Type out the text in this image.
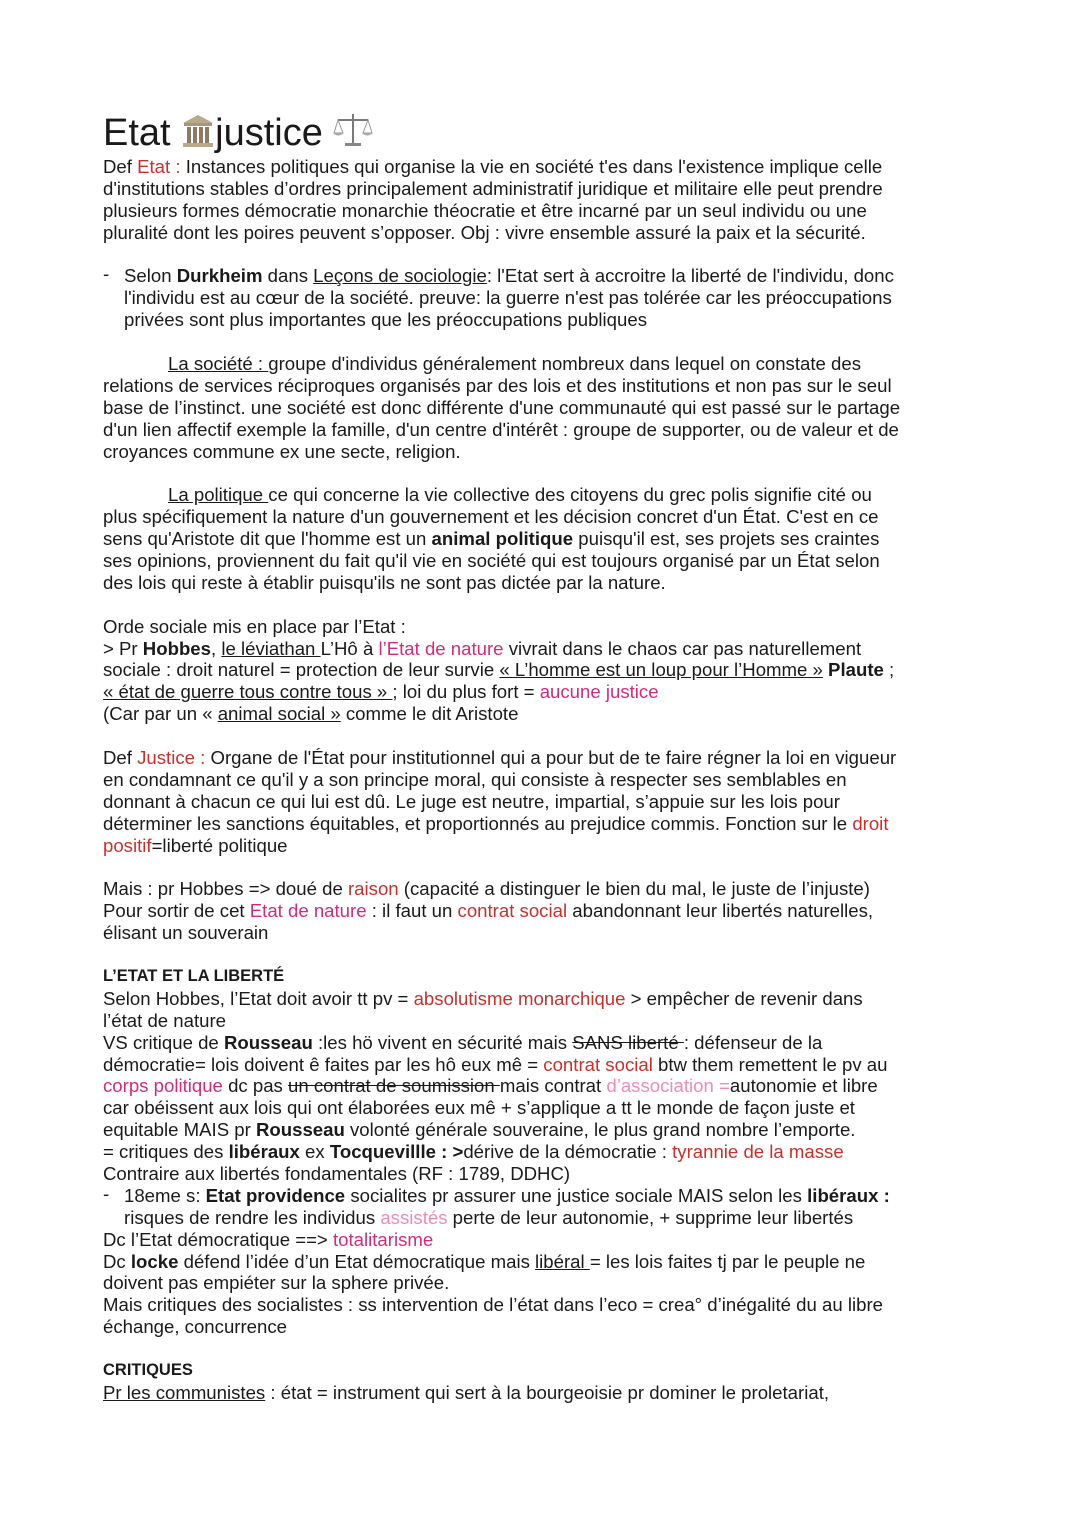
Etat justice
Def Etat : Instances politiques qui organise la vie en société t'es dans l'existence implique celle
d'institutions stables d’ordres principalement administratif juridique et militaire elle peut prendre
plusieurs formes démocratie monarchie théocratie et être incarné par un seul individu ou une
pluralité dont les poires peuvent s’opposer. Obj : vivre ensemble assuré la paix et la sécurité.
- Selon Durkheim dans Leçons de sociologie: l'Etat sert à accroitre la liberté de l'individu, donc
l'individu est au cœur de la société. preuve: la guerre n'est pas tolérée car les préoccupations
privées sont plus importantes que les préoccupations publiques
La société : groupe d'individus généralement nombreux dans lequel on constate des
relations de services réciproques organisés par des lois et des institutions et non pas sur le seul
base de l’instinct. une société est donc différente d'une communauté qui est passé sur le partage
d'un lien affectif exemple la famille, d'un centre d'intérêt : groupe de supporter, ou de valeur et de
croyances commune ex une secte, religion.
La politique ce qui concerne la vie collective des citoyens du grec polis signifie cité ou
plus spécifiquement la nature d'un gouvernement et les décision concret d'un État. C'est en ce
sens qu'Aristote dit que l'homme est un animal politique puisqu'il est, ses projets ses craintes
ses opinions, proviennent du fait qu'il vie en société qui est toujours organisé par un État selon
des lois qui reste à établir puisqu'ils ne sont pas dictée par la nature.
Orde sociale mis en place par l’Etat :
> Pr Hobbes, le léviathan L’Hô à l’Etat de nature vivrait dans le chaos car pas naturellement
sociale : droit naturel = protection de leur survie « L’homme est un loup pour l’Homme » Plaute ;
« état de guerre tous contre tous » ; loi du plus fort = aucune justice
(Car par un « animal social » comme le dit Aristote
Def Justice : Organe de l'État pour institutionnel qui a pour but de te faire régner la loi en vigueur
en condamnant ce qu'il y a son principe moral, qui consiste à respecter ses semblables en
donnant à chacun ce qui lui est dû. Le juge est neutre, impartial, s’appuie sur les lois pour
déterminer les sanctions équitables, et proportionnés au prejudice commis. Fonction sur le droit
positif=liberté politique
Mais : pr Hobbes => doué de raison (capacité a distinguer le bien du mal, le juste de l’injuste)
Pour sortir de cet Etat de nature : il faut un contrat social abandonnant leur libertés naturelles,
élisant un souverain
L’ETAT ET LA LIBERTÉ
Selon Hobbes, l’Etat doit avoir tt pv = absolutisme monarchique > empêcher de revenir dans
l’état de nature
VS critique de Rousseau :les hö vivent en sécurité mais SANS liberté : défenseur de la
démocratie= lois doivent ê faites par les hô eux mê = contrat social btw them remettent le pv au
corps politique dc pas un contrat de soumission mais contrat d’association =autonomie et libre
car obéissent aux lois qui ont élaborées eux mê + s’applique a tt le monde de façon juste et
equitable MAIS pr Rousseau volonté générale souveraine, le plus grand nombre l’emporte.
= critiques des libéraux ex Tocquevillle : >dérive de la démocratie : tyrannie de la masse
Contraire aux libertés fondamentales (RF : 1789, DDHC)
- 18eme s: Etat providence socialites pr assurer une justice sociale MAIS selon les libéraux :
risques de rendre les individus assistés perte de leur autonomie, + supprime leur libertés
Dc l’Etat démocratique ==> totalitarisme
Dc locke défend l’idée d’un Etat démocratique mais libéral = les lois faites tj par le peuple ne
doivent pas empiéter sur la sphere privée.
Mais critiques des socialistes : ss intervention de l’état dans l’eco = crea° d’inégalité du au libre
échange, concurrence
CRITIQUES
Pr les communistes : état = instrument qui sert à la bourgeoisie pr dominer le proletariat,
